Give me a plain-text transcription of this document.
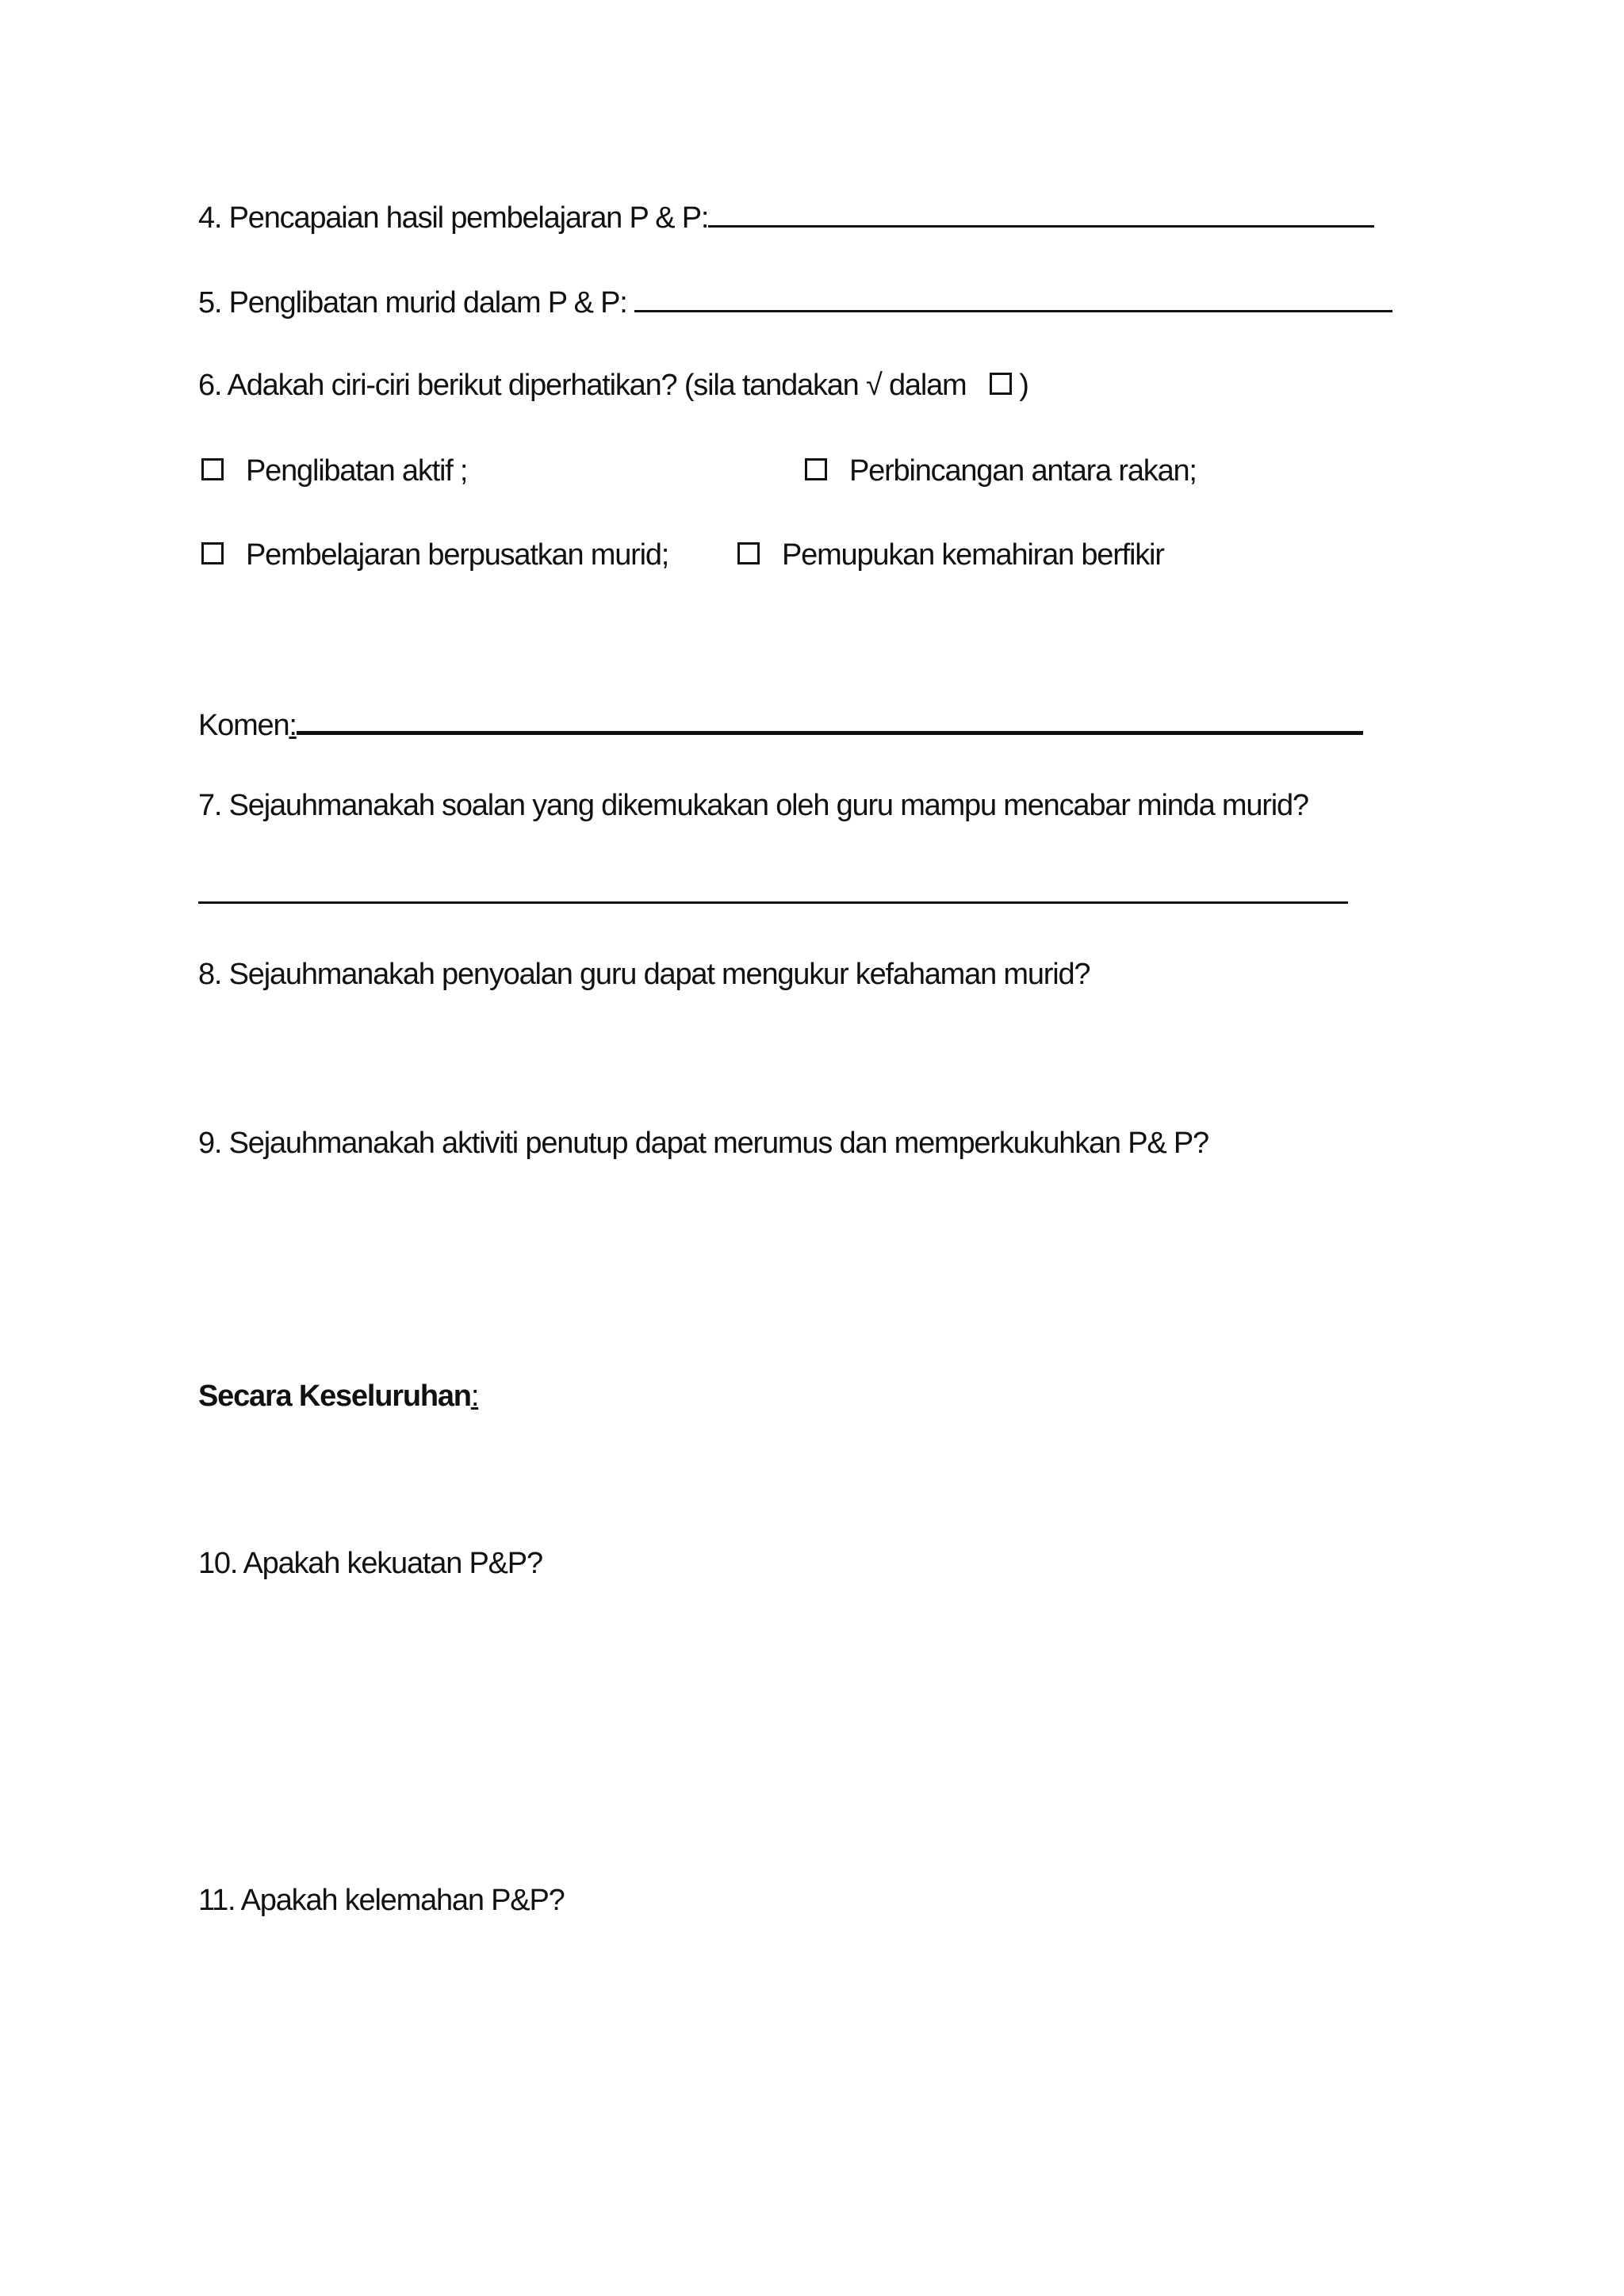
4. Pencapaian hasil pembelajaran P & P:
5. Penglibatan murid dalam P & P:
6. Adakah ciri-ciri berikut diperhatikan? (sila tandakan √ dalam  )
Penglibatan aktif ;	Perbincangan antara rakan;
Pembelajaran berpusatkan murid;	Pemupukan kemahiran berfikir
Komen:
7. Sejauhmanakah soalan yang dikemukakan oleh guru mampu mencabar minda murid?
8. Sejauhmanakah penyoalan guru dapat mengukur kefahaman murid?
9. Sejauhmanakah aktiviti penutup dapat merumus dan memperkukuhkan P& P?
Secara Keseluruhan:
10. Apakah kekuatan P&P?
11. Apakah kelemahan P&P?
